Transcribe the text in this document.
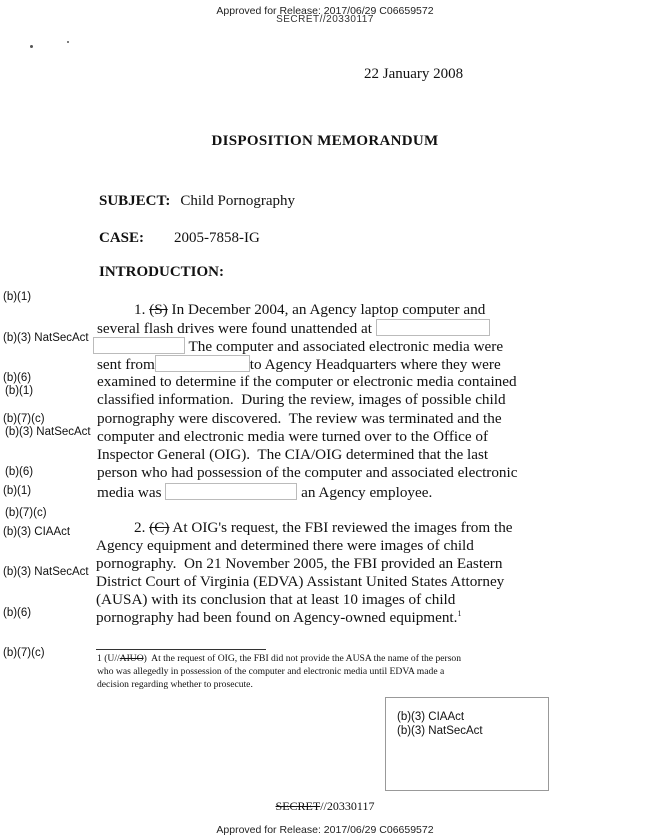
Approved for Release: 2017/06/29 C06659572
SECRET//20330117
22 January 2008
DISPOSITION MEMORANDUM
SUBJECT: Child Pornography
CASE: 2005-7858-IG
INTRODUCTION:

(b)(1)

(b)(3) NatSecAct

(b)(6)

(b)(7)(c)

(b)(1)

(b)(3) NatSecAct

(b)(6)

(b)(7)(c)

(b)(1)

(b)(3) CIAAct

(b)(3) NatSecAct

(b)(6)

(b)(7)(c)

1. (S) In December 2004, an Agency laptop computer and
several flash drives were found unattended at
The computer and associated electronic media were
sent from	to Agency Headquarters where they were
examined to determine if the computer or electronic media contained
classified information.  During the review, images of possible child
pornography were discovered.  The review was terminated and the
computer and electronic media were turned over to the Office of
Inspector General (OIG).  The CIA/OIG determined that the last
person who had possession of the computer and associated electronic
media was	an Agency employee.
2. (C) At OIG's request, the FBI reviewed the images from the
Agency equipment and determined there were images of child
pornography.  On 21 November 2005, the FBI provided an Eastern
District Court of Virginia (EDVA) Assistant United States Attorney
(AUSA) with its conclusion that at least 10 images of child
pornography had been found on Agency-owned equipment.$^1$
1 (U//AIUO) At the request of OIG, the FBI did not provide the AUSA the name of the person
who was allegedly in possession of the computer and electronic media until EDVA made a
decision regarding whether to prosecute.
(b)(3) CIAAct
(b)(3) NatSecAct
SECRET//20330117
Approved for Release: 2017/06/29 C06659572
